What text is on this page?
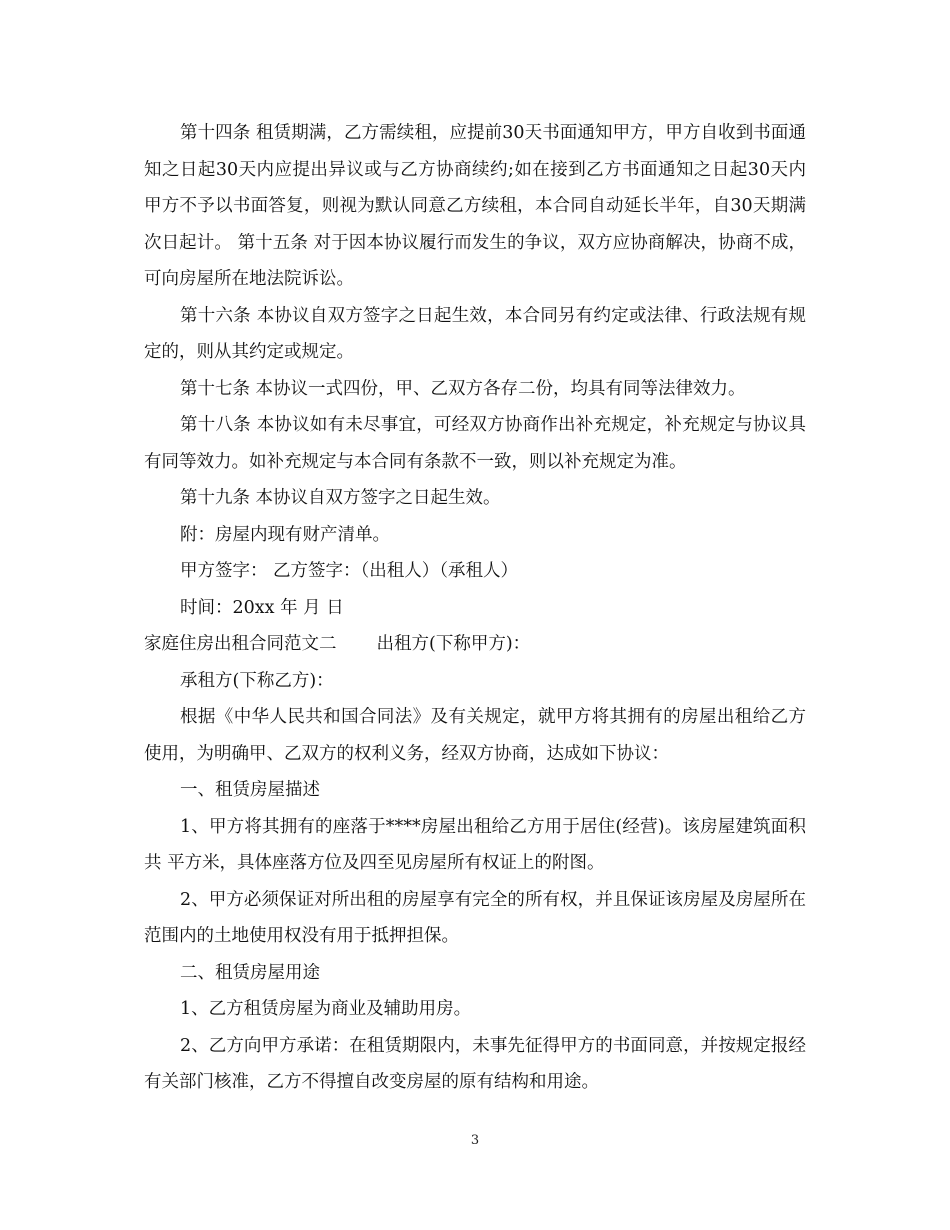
第十四条 租赁期满，乙方需续租，应提前30天书面通知甲方，甲方自收到书面通知之日起30天内应提出异议或与乙方协商续约;如在接到乙方书面通知之日起30天内甲方不予以书面答复，则视为默认同意乙方续租，本合同自动延长半年，自30天期满次日起计。 第十五条 对于因本协议履行而发生的争议，双方应协商解决，协商不成，可向房屋所在地法院诉讼。

第十六条 本协议自双方签字之日起生效，本合同另有约定或法律、行政法规有规定的，则从其约定或规定。

第十七条 本协议一式四份，甲、乙双方各存二份，均具有同等法律效力。

第十八条 本协议如有未尽事宜，可经双方协商作出补充规定，补充规定与协议具有同等效力。如补充规定与本合同有条款不一致，则以补充规定为准。

第十九条 本协议自双方签字之日起生效。

附：房屋内现有财产清单。

甲方签字： 乙方签字：（出租人）（承租人）

时间：20xx 年 月 日

家庭住房出租合同范文二 出租方(下称甲方)：

承租方(下称乙方)：

根据《中华人民共和国合同法》及有关规定，就甲方将其拥有的房屋出租给乙方使用，为明确甲、乙双方的权利义务，经双方协商，达成如下协议：

一、租赁房屋描述

1、甲方将其拥有的座落于****房屋出租给乙方用于居住(经营)。该房屋建筑面积共 平方米，具体座落方位及四至见房屋所有权证上的附图。

2、甲方必须保证对所出租的房屋享有完全的所有权，并且保证该房屋及房屋所在范围内的土地使用权没有用于抵押担保。

二、租赁房屋用途

1、乙方租赁房屋为商业及辅助用房。

2、乙方向甲方承诺：在租赁期限内，未事先征得甲方的书面同意，并按规定报经有关部门核准，乙方不得擅自改变房屋的原有结构和用途。

3
